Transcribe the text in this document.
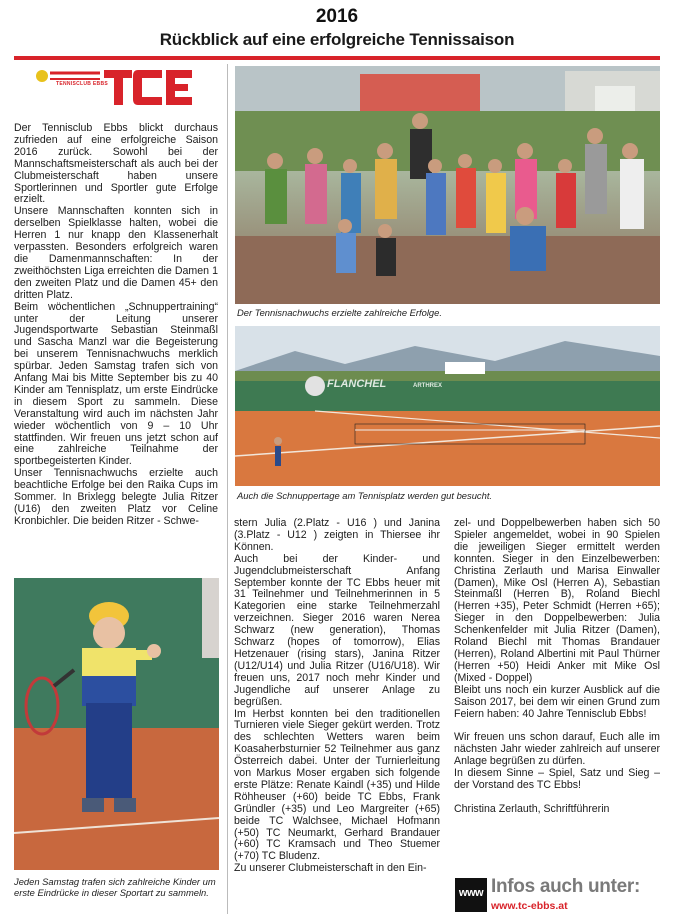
2016
Rückblick auf eine erfolgreiche Tennissaison
TENNISCLUB EBBS

Der Tennisclub Ebbs blickt durchaus zufrieden auf eine erfolgreiche Saison 2016 zurück. Sowohl bei der Mannschaftsmeisterschaft als auch bei der Clubmeisterschaft haben unsere Sportlerinnen und Sportler gute Erfolge erzielt.

Unsere Mannschaften konnten sich in derselben Spielklasse halten, wobei die Herren 1 nur knapp den Klassenerhalt verpassten. Besonders erfolgreich waren die Damenmannschaften: In der zweithöchsten Liga erreichten die Damen 1 den zweiten Platz und die Damen 45+ den dritten Platz.

Beim wöchentlichen „Schnuppertraining“ unter der Leitung unserer Jugendsportwarte Sebastian Steinmaßl und Sascha Manzl war die Begeisterung bei unserem Tennisnachwuchs merklich spürbar. Jeden Samstag trafen sich von Anfang Mai bis Mitte September bis zu 40 Kinder am Tennisplatz, um erste Eindrücke in diesem Sport zu sammeln. Diese Veranstaltung wird auch im nächsten Jahr wieder wöchentlich von 9 – 10 Uhr stattfinden. Wir freuen uns jetzt schon auf eine zahlreiche Teilnahme der sportbegeisterten Kinder.

Unser Tennisnachwuchs erzielte auch beachtliche Erfolge bei den Raika Cups im Sommer. In Brixlegg belegte Julia Ritzer (U16) den zweiten Platz vor Celine Kronbichler. Die beiden Ritzer - Schwe-

Der Tennisnachwuchs erzielte zahlreiche Erfolge.
FLANCHEL	ARTHREX
Auch die Schnuppertage am Tennisplatz werden gut besucht.

stern Julia (2.Platz - U16 ) und Janina (3.Platz - U12 ) zeigten in Thiersee ihr Können.

Auch bei der Kinder- und Jugendclubmeisterschaft Anfang September konnte der TC Ebbs heuer mit 31 Teilnehmer und Teilnehmerinnen in 5 Kategorien eine starke Teilnehmerzahl verzeichnen. Sieger 2016 waren Nerea Schwarz (new generation), Thomas Schwarz (hopes of tomorrow), Elias Hetzenauer (rising stars), Janina Ritzer (U12/U14) und Julia Ritzer (U16/U18). Wir freuen uns, 2017 noch mehr Kinder und Jugendliche auf unserer Anlage zu begrüßen.

Im Herbst konnten bei den traditionellen Turnieren viele Sieger gekürt werden. Trotz des schlechten Wetters waren beim Koasaherbsturnier 52 Teilnehmer aus ganz Österreich dabei. Unter der Turnierleitung von Markus Moser ergaben sich folgende erste Plätze: Renate Kaindl (+35) und Hilde Röhheuser (+60) beide TC Ebbs, Frank Gründler (+35) und Leo Margreiter (+65) beide TC Walchsee, Michael Hofmann (+50) TC Neumarkt, Gerhard Brandauer (+60) TC Kramsach und Theo Stuemer (+70) TC Bludenz.

Zu unserer Clubmeisterschaft in den Ein-

zel- und Doppelbewerben haben sich 50 Spieler angemeldet, wobei in 90 Spielen die jeweiligen Sieger ermittelt werden konnten. Sieger in den Einzelbewerben: Christina Zerlauth und Marisa Einwaller (Damen), Mike Osl (Herren A), Sebastian Steinmaßl (Herren B), Roland Biechl (Herren +35), Peter Schmidt (Herren +65); Sieger in den Doppelbewerben: Julia Schenkenfelder mit Julia Ritzer (Damen), Roland Biechl mit Thomas Brandauer (Herren), Roland Albertini mit Paul Thürner (Herren +50) Heidi Anker mit Mike Osl (Mixed - Doppel)

Bleibt uns noch ein kurzer Ausblick auf die Saison 2017, bei dem wir einen Grund zum Feiern haben: 40 Jahre Tennisclub Ebbs!

Wir freuen uns schon darauf, Euch alle im nächsten Jahr wieder zahlreich auf unserer Anlage begrüßen zu dürfen.

In diesem Sinne – Spiel, Satz und Sieg – der Vorstand des TC Ebbs!

Christina Zerlauth, Schriftführerin

Jeden Samstag trafen sich zahlreiche Kinder um erste Eindrücke in dieser Sportart zu sammeln.	www Infos auch unter:
www.tc-ebbs.at
